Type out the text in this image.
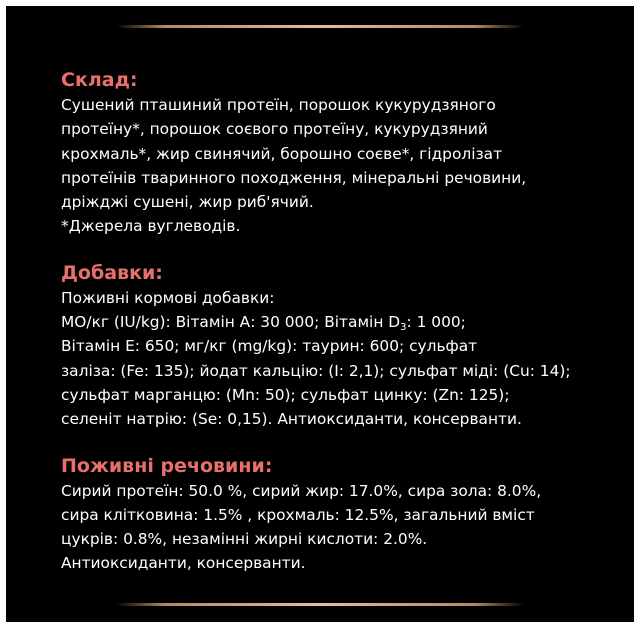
Склад:
Сушений пташиний протеїн, порошок кукурудзяного
протеїну*, порошок соєвого протеїну, кукурудзяний
крохмаль*, жир свинячий, борошно соєве*, гідролізат
протеїнів тваринного походження, мінеральні речовини,
дріжджі сушені, жир риб'ячий.
*Джерела вуглеводів.
Добавки:
Поживні кормові добавки:
МО/кг (IU/kg): Вітамін А: 30 000; Вітамін $D_3$: 1 000;
Вітамін Е: 650; мг/кг (mg/kg): таурин: 600; сульфат
заліза: (Fe: 135); йодат кальцію: (I: 2,1); сульфат міді: (Cu: 14);
сульфат марганцю: (Mn: 50); сульфат цинку: (Zn: 125);
селеніт натрію: (Se: 0,15). Антиоксиданти, консерванти.
Поживні речовини:
Сирий протеїн: 50.0 %, сирий жир: 17.0%, сира зола: 8.0%,
сира клітковина: 1.5% , крохмаль: 12.5%, загальний вміст
цукрів: 0.8%, незамінні жирні кислоти: 2.0%.
Антиоксиданти, консерванти.
